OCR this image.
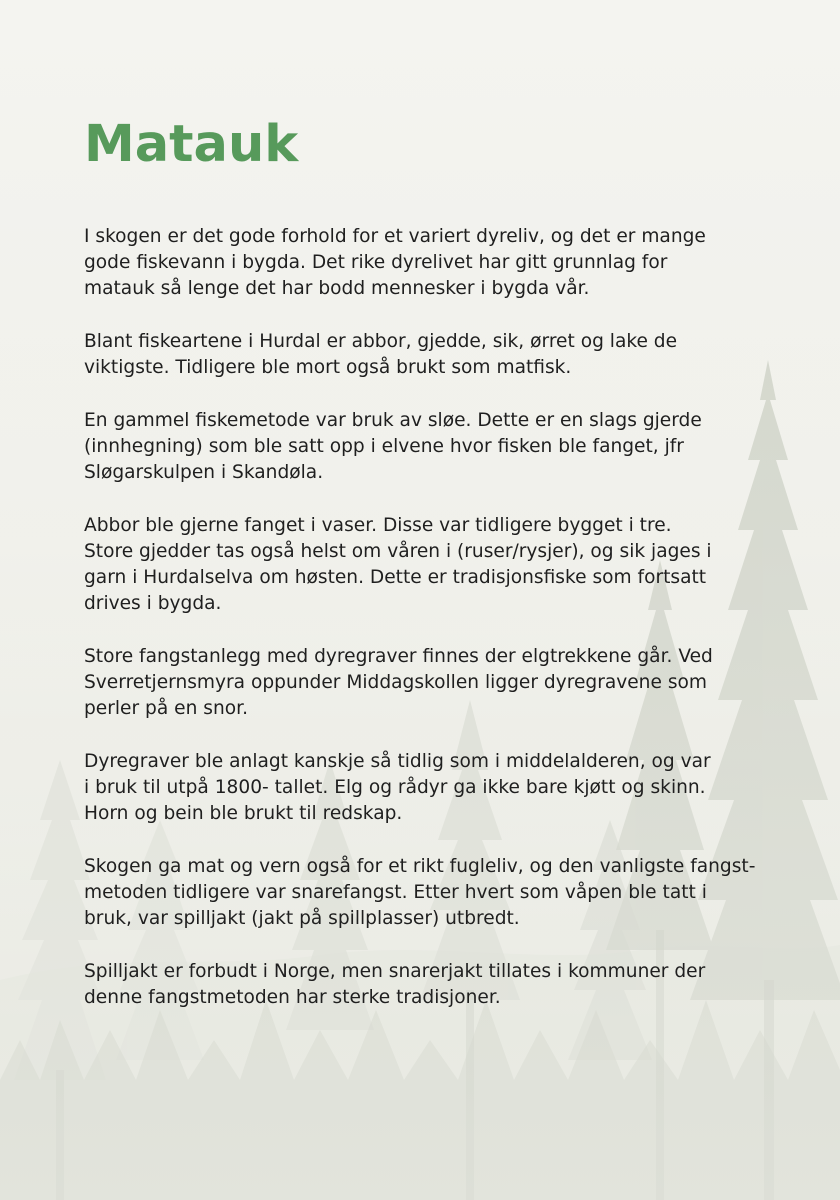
Matauk

I skogen er det gode forhold for et variert dyreliv, og det er mange
gode fiskevann i bygda. Det rike dyrelivet har gitt grunnlag for
matauk så lenge det har bodd mennesker i bygda vår.

Blant fiskeartene i Hurdal er abbor, gjedde, sik, ørret og lake de
viktigste. Tidligere ble mort også brukt som matfisk.

En gammel fiskemetode var bruk av sløe. Dette er en slags gjerde
(innhegning) som ble satt opp i elvene hvor fisken ble fanget, jfr
Sløgarskulpen i Skandøla.

Abbor ble gjerne fanget i vaser. Disse var tidligere bygget i tre.
Store gjedder tas også helst om våren i (ruser/rysjer), og sik jages i
garn i Hurdalselva om høsten. Dette er tradisjonsfiske som fortsatt
drives i bygda.

Store fangstanlegg med dyregraver finnes der elgtrekkene går. Ved
Sverretjernsmyra oppunder Middagskollen ligger dyregravene som
perler på en snor.

Dyregraver ble anlagt kanskje så tidlig som i middelalderen, og var
i bruk til utpå 1800- tallet. Elg og rådyr ga ikke bare kjøtt og skinn.
Horn og bein ble brukt til redskap.

Skogen ga mat og vern også for et rikt fugleliv, og den vanligste fangst-
metoden tidligere var snarefangst. Etter hvert som våpen ble tatt i
bruk, var spilljakt (jakt på spillplasser) utbredt.

Spilljakt er forbudt i Norge, men snarerjakt tillates i kommuner der
denne fangstmetoden har sterke tradisjoner.
